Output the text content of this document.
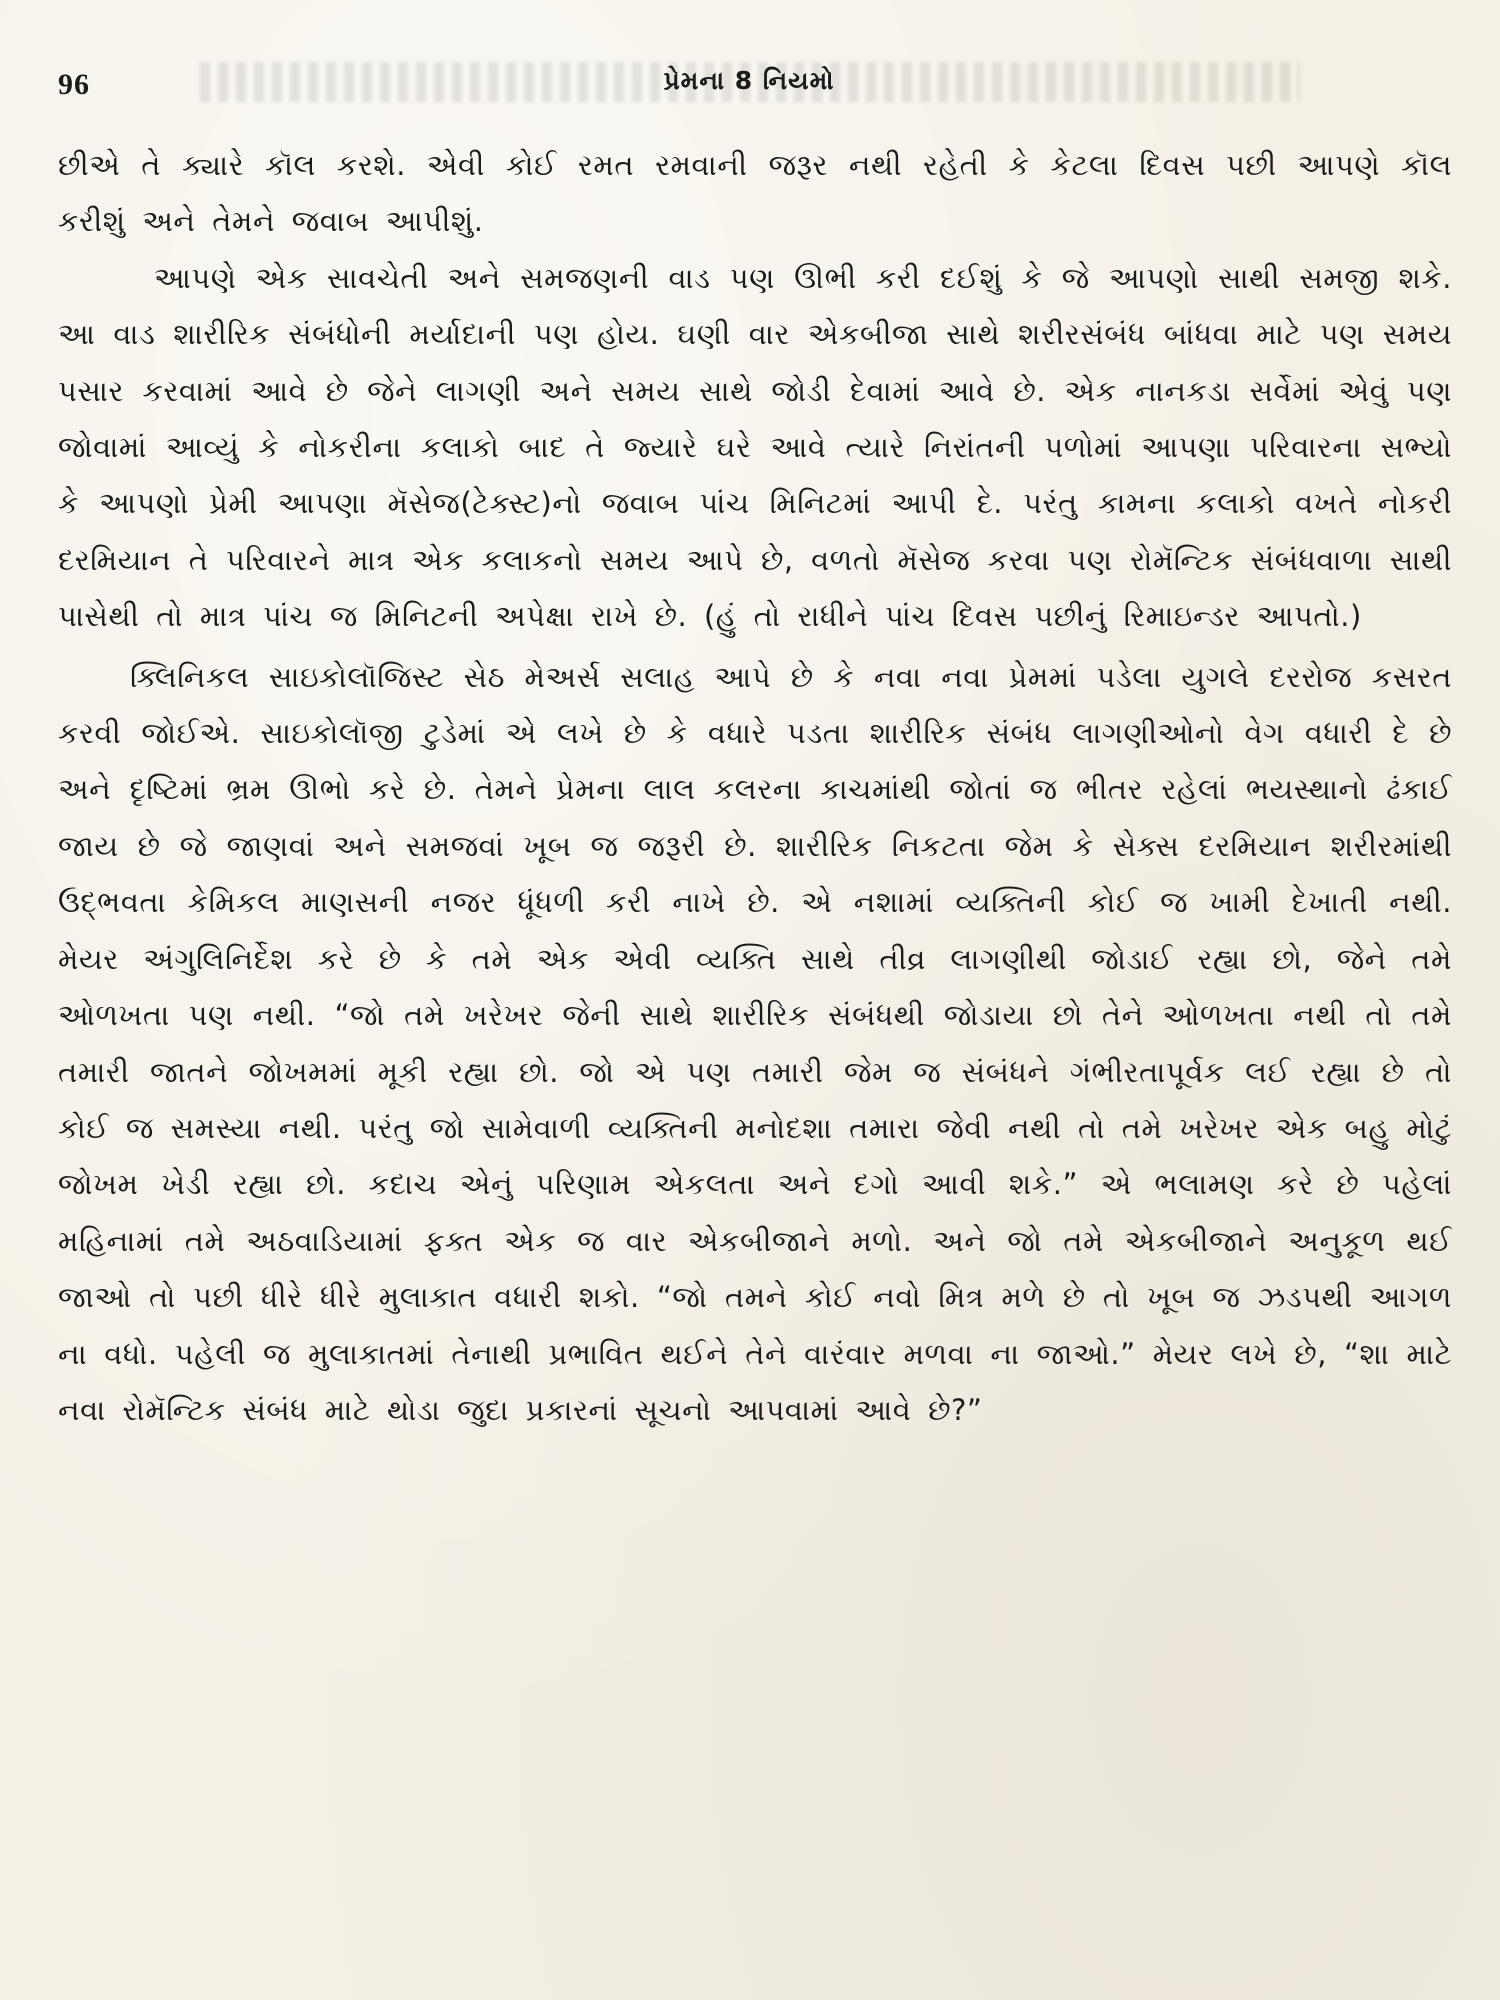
96	પ્રેમના 8 નિયમો

છીએ તે ક્યારે કૉલ કરશે. એવી કોઈ રમત રમવાની જરૂર નથી રહેતી કે કેટલા દિવસ પછી આપણે કૉલ કરીશું અને તેમને જવાબ આપીશું.

આપણે એક સાવચેતી અને સમજણની વાડ પણ ઊભી કરી દઈશું કે જે આપણો સાથી સમજી શકે. આ વાડ શારીરિક સંબંધોની મર્યાદાની પણ હોય. ઘણી વાર એકબીજા સાથે શરીરસંબંધ બાંધવા માટે પણ સમય પસાર કરવામાં આવે છે જેને લાગણી અને સમય સાથે જોડી દેવામાં આવે છે. એક નાનકડા સર્વેમાં એવું પણ જોવામાં આવ્યું કે નોકરીના કલાકો બાદ તે જ્યારે ઘરે આવે ત્યારે નિરાંતની પળોમાં આપણા પરિવારના સભ્યો કે આપણો પ્રેમી આપણા મૅસેજ(ટેક્સ્ટ)નો જવાબ પાંચ મિનિટમાં આપી દે. પરંતુ કામના કલાકો વખતે નોકરી દરમિયાન તે પરિવારને માત્ર એક કલાકનો સમય આપે છે, વળતો મૅસેજ કરવા પણ રોમૅન્ટિક સંબંધવાળા સાથી પાસેથી તો માત્ર પાંચ જ મિનિટની અપેક્ષા રાખે છે. (હું તો રાધીને પાંચ દિવસ પછીનું રિમાઇન્ડર આપતો.)

ક્લિનિકલ સાઇકોલૉજિસ્ટ સેઠ મેઅર્સ સલાહ આપે છે કે નવા નવા પ્રેમમાં પડેલા યુગલે દરરોજ કસરત કરવી જોઈએ. સાઇકોલૉજી ટુડેમાં એ લખે છે કે વધારે પડતા શારીરિક સંબંધ લાગણીઓનો વેગ વધારી દે છે અને દૃષ્ટિમાં ભ્રમ ઊભો કરે છે. તેમને પ્રેમના લાલ કલરના કાચમાંથી જોતાં જ ભીતર રહેલાં ભયસ્થાનો ઢંકાઈ જાય છે જે જાણવાં અને સમજવાં ખૂબ જ જરૂરી છે. શારીરિક નિકટતા જેમ કે સેક્સ દરમિયાન શરીરમાંથી ઉદ્ભવતા કેમિકલ માણસની નજર ધૂંધળી કરી નાખે છે. એ નશામાં વ્યક્તિની કોઈ જ ખામી દેખાતી નથી. મેયર અંગુલિનિર્દેશ કરે છે કે તમે એક એવી વ્યક્તિ સાથે તીવ્ર લાગણીથી જોડાઈ રહ્યા છો, જેને તમે ઓળખતા પણ નથી. “જો તમે ખરેખર જેની સાથે શારીરિક સંબંધથી જોડાયા છો તેને ઓળખતા નથી તો તમે તમારી જાતને જોખમમાં મૂકી રહ્યા છો. જો એ પણ તમારી જેમ જ સંબંધને ગંભીરતાપૂર્વક લઈ રહ્યા છે તો કોઈ જ સમસ્યા નથી. પરંતુ જો સામેવાળી વ્યક્તિની મનોદશા તમારા જેવી નથી તો તમે ખરેખર એક બહુ મોટું જોખમ ખેડી રહ્યા છો. કદાચ એનું પરિણામ એકલતા અને દગો આવી શકે.” એ ભલામણ કરે છે પહેલાં મહિનામાં તમે અઠવાડિયામાં ફક્ત એક જ વાર એકબીજાને મળો. અને જો તમે એકબીજાને અનુકૂળ થઈ જાઓ તો પછી ધીરે ધીરે મુલાકાત વધારી શકો. “જો તમને કોઈ નવો મિત્ર મળે છે તો ખૂબ જ ઝડપથી આગળ ના વધો. પહેલી જ મુલાકાતમાં તેનાથી પ્રભાવિત થઈને તેને વારંવાર મળવા ના જાઓ.” મેયર લખે છે, “શા માટે નવા રોમૅન્ટિક સંબંધ માટે થોડા જુદા પ્રકારનાં સૂચનો આપવામાં આવે છે?”
